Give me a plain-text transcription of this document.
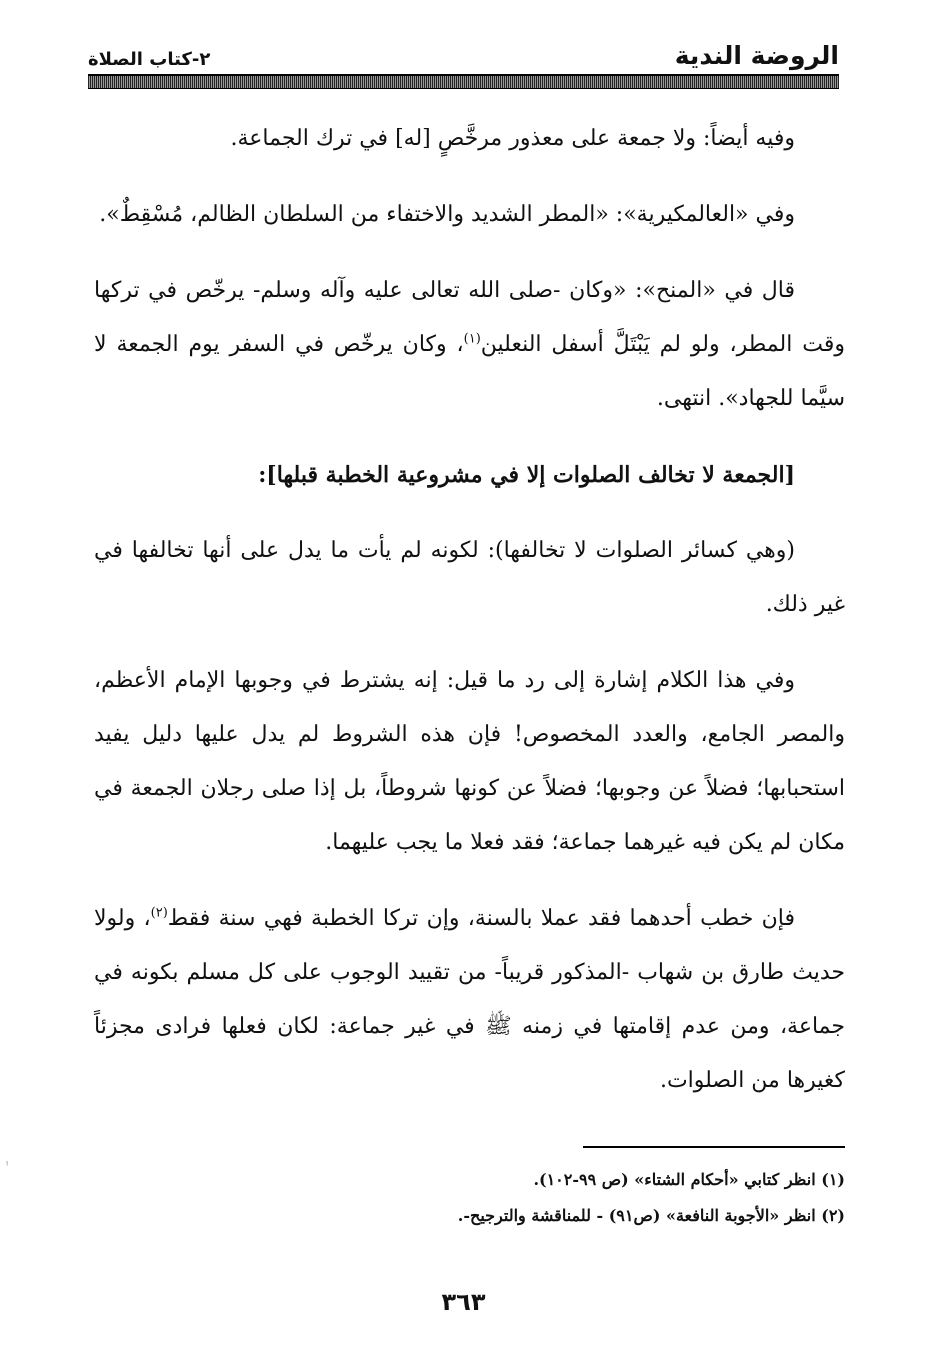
الروضة الندية
٢-كتاب الصلاة

وفيه أيضاً: ولا جمعة على معذور مرخَّصٍ [له] في ترك الجماعة.

وفي «العالمكيرية»: «المطر الشديد والاختفاء من السلطان الظالم، مُسْقِطٌ».

قال في «المنح»: «وكان -صلى الله تعالى عليه وآله وسلم- يرخّص في تركها وقت المطر، ولو لم يَبْتَلَّ أسفل النعلين$^{(١)}$، وكان يرخّص في السفر يوم الجمعة لا سيَّما للجهاد». انتهى.

[الجمعة لا تخالف الصلوات إلا في مشروعية الخطبة قبلها]:

(وهي كسائر الصلوات لا تخالفها): لكونه لم يأت ما يدل على أنها تخالفها في غير ذلك.

وفي هذا الكلام إشارة إلى رد ما قيل: إنه يشترط في وجوبها الإمام الأعظم، والمصر الجامع، والعدد المخصوص! فإن هذه الشروط لم يدل عليها دليل يفيد استحبابها؛ فضلاً عن وجوبها؛ فضلاً عن كونها شروطاً، بل إذا صلى رجلان الجمعة في مكان لم يكن فيه غيرهما جماعة؛ فقد فعلا ما يجب عليهما.

فإن خطب أحدهما فقد عملا بالسنة، وإن تركا الخطبة فهي سنة فقط$^{(٢)}$، ولولا حديث طارق بن شهاب -المذكور قريباً- من تقييد الوجوب على كل مسلم بكونه في جماعة، ومن عدم إقامتها في زمنه ﷺ في غير جماعة: لكان فعلها فرادى مجزئاً كغيرها من الصلوات.

(١) انظر كتابي «أحكام الشتاء» (ص ٩٩-١٠٢).

(٢) انظر «الأجوبة النافعة» (ص٩١) - للمناقشة والترجيح-.

٣٦٣
ᵎ
